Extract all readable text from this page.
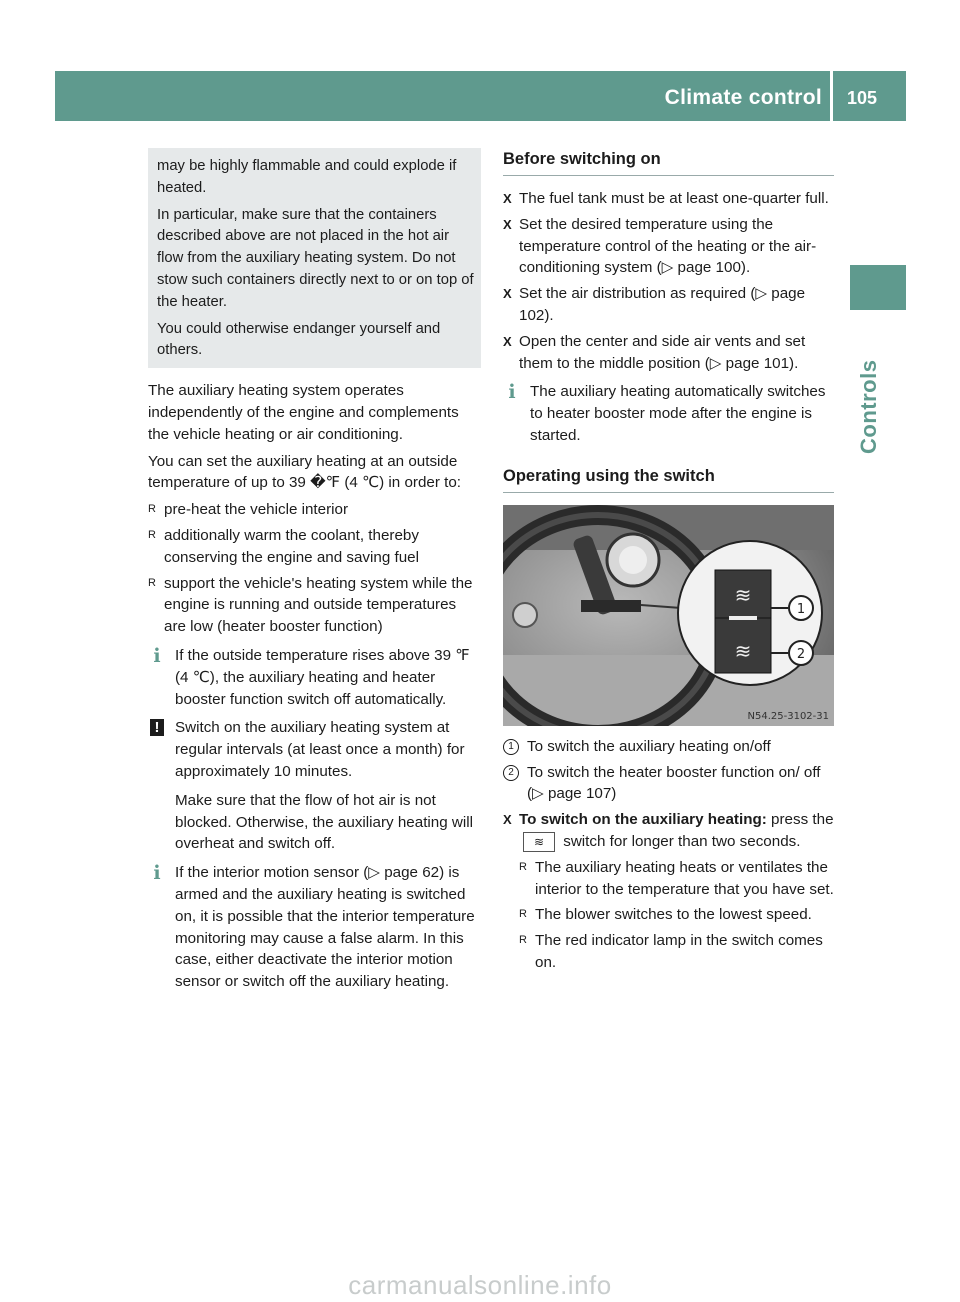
Climate control	105
Controls

may be highly flammable and could explode if heated.

In particular, make sure that the containers described above are not placed in the hot air flow from the auxiliary heating system. Do not stow such containers directly next to or on top of the heater.

You could otherwise endanger yourself and others.

The auxiliary heating system operates independently of the engine and complements the vehicle heating or air conditioning.

You can set the auxiliary heating at an outside temperature of up to 39 �℉ (4 ℃) in order to:

R pre-heat the vehicle interior
R additionally warm the coolant, thereby conserving the engine and saving fuel
R support the vehicle's heating system while the engine is running and outside temperatures are low (heater booster function)
i If the outside temperature rises above 39 ℉ (4 ℃), the auxiliary heating and heater booster function switch off automatically.
! Switch on the auxiliary heating system at regular intervals (at least once a month) for approximately 10 minutes.

Make sure that the flow of hot air is not blocked. Otherwise, the auxiliary heating will overheat and switch off.

i If the interior motion sensor (▷ page 62) is armed and the auxiliary heating is switched on, it is possible that the interior temperature monitoring may cause a false alarm. In this case, either deactivate the interior motion sensor or switch off the auxiliary heating.
Before switching on
X The fuel tank must be at least one-quarter full.
X Set the desired temperature using the temperature control of the heating or the air-conditioning system (▷ page 100).
X Set the air distribution as required (▷ page 102).
X Open the center and side air vents and set them to the middle position (▷ page 101).
i The auxiliary heating automatically switches to heater booster mode after the engine is started.
Operating using the switch
≋
≋
1
2
N54.25-3102-31
1 To switch the auxiliary heating on/off
2 To switch the heater booster function on/ off (▷ page 107)
X To switch on the auxiliary heating: press the ≋ switch for longer than two seconds.
R The auxiliary heating heats or ventilates the interior to the temperature that you have set.
R The blower switches to the lowest speed.
R The red indicator lamp in the switch comes on.
carmanualsonline.info
